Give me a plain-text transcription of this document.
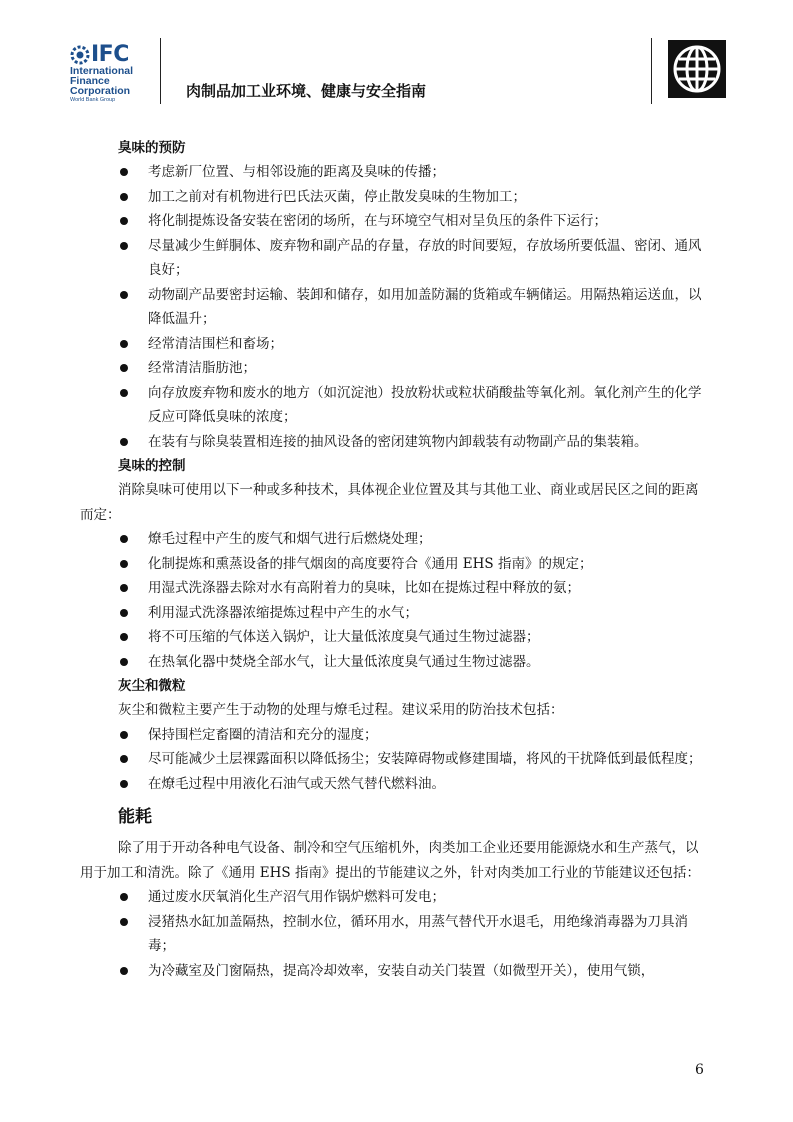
IFC
International
Finance
Corporation
World Bank Group	肉制品加工业环境、健康与安全指南
臭味的预防
考虑新厂位置、与相邻设施的距离及臭味的传播；
加工之前对有机物进行巴氏法灭菌，停止散发臭味的生物加工；
将化制提炼设备安装在密闭的场所，在与环境空气相对呈负压的条件下运行；
尽量减少生鲜胴体、废弃物和副产品的存量，存放的时间要短，存放场所要低温、密闭、通风良好；
动物副产品要密封运输、装卸和储存，如用加盖防漏的货箱或车辆储运。用隔热箱运送血，以降低温升；
经常清洁围栏和畜场；
经常清洁脂肪池；
向存放废弃物和废水的地方（如沉淀池）投放粉状或粒状硝酸盐等氧化剂。氧化剂产生的化学反应可降低臭味的浓度；
在装有与除臭装置相连接的抽风设备的密闭建筑物内卸载装有动物副产品的集装箱。
臭味的控制
消除臭味可使用以下一种或多种技术，具体视企业位置及其与其他工业、商业或居民区之间的距离而定：
燎毛过程中产生的废气和烟气进行后燃烧处理；
化制提炼和熏蒸设备的排气烟囱的高度要符合《通用 EHS 指南》的规定；
用湿式洗涤器去除对水有高附着力的臭味，比如在提炼过程中释放的氨；
利用湿式洗涤器浓缩提炼过程中产生的水气；
将不可压缩的气体送入锅炉，让大量低浓度臭气通过生物过滤器；
在热氧化器中焚烧全部水气，让大量低浓度臭气通过生物过滤器。
灰尘和微粒
灰尘和微粒主要产生于动物的处理与燎毛过程。建议采用的防治技术包括：
保持围栏定畜圈的清洁和充分的湿度；
尽可能减少土层裸露面积以降低扬尘；安装障碍物或修建围墙，将风的干扰降低到最低程度；
在燎毛过程中用液化石油气或天然气替代燃料油。
能耗
除了用于开动各种电气设备、制冷和空气压缩机外，肉类加工企业还要用能源烧水和生产蒸气，以用于加工和清洗。除了《通用 EHS 指南》提出的节能建议之外，针对肉类加工行业的节能建议还包括：
通过废水厌氧消化生产沼气用作锅炉燃料可发电；
浸猪热水缸加盖隔热，控制水位，循环用水，用蒸气替代开水退毛，用绝缘消毒器为刀具消毒；
为冷藏室及门窗隔热，提高冷却效率，安装自动关门装置（如微型开关），使用气锁，
6
